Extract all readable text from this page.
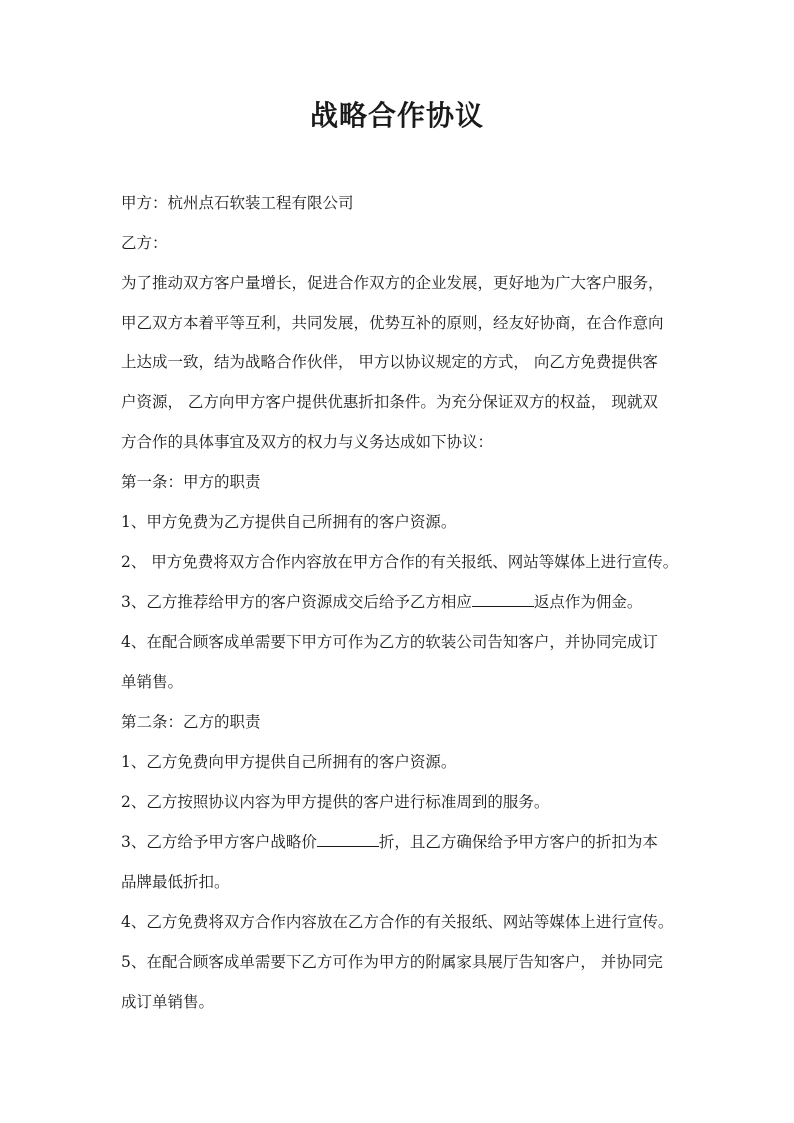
战略合作协议
甲方：杭州点石软装工程有限公司
乙方：
为了推动双方客户量增长，促进合作双方的企业发展，更好地为广大客户服务，
甲乙双方本着平等互利，共同发展，优势互补的原则，经友好协商，在合作意向
上达成一致，结为战略合作伙伴， 甲方以协议规定的方式， 向乙方免费提供客
户资源， 乙方向甲方客户提供优惠折扣条件。为充分保证双方的权益， 现就双
方合作的具体事宜及双方的权力与义务达成如下协议：
第一条：甲方的职责
1、甲方免费为乙方提供自己所拥有的客户资源。
2、 甲方免费将双方合作内容放在甲方合作的有关报纸、网站等媒体上进行宣传。
3、乙方推荐给甲方的客户资源成交后给予乙方相应	返点作为佣金。
4、在配合顾客成单需要下甲方可作为乙方的软装公司告知客户，并协同完成订
单销售。
第二条：乙方的职责
1、乙方免费向甲方提供自己所拥有的客户资源。
2、乙方按照协议内容为甲方提供的客户进行标准周到的服务。
3、乙方给予甲方客户战略价	折，且乙方确保给予甲方客户的折扣为本
品牌最低折扣。
4、乙方免费将双方合作内容放在乙方合作的有关报纸、网站等媒体上进行宣传。
5、在配合顾客成单需要下乙方可作为甲方的附属家具展厅告知客户， 并协同完
成订单销售。
